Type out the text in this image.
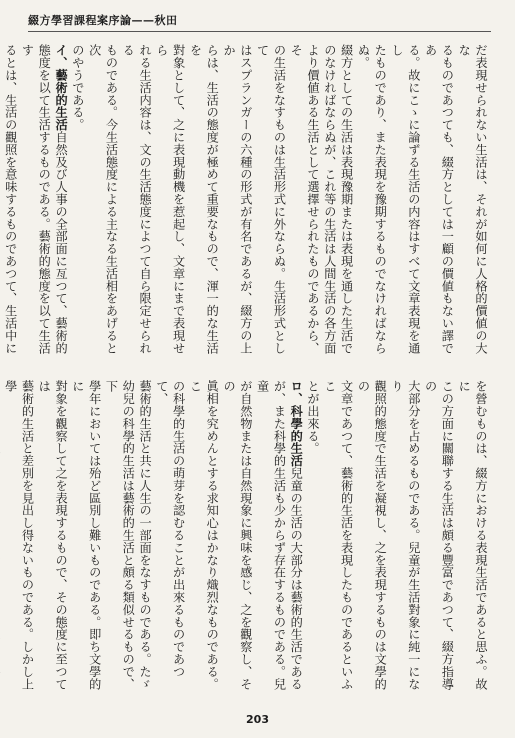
綴方學習課程案序論——秋田

だ表現せられない生活は、それが如何に人格的價値の大な

るものであつても、綴方としては一顧の價値もない譯であ

る。故にこゝに論ずる生活の内容はすべて文章表現を通し

たものであり、また表現を豫期するものでなければならぬ。

綴方としての生活は表現豫期または表現を通した生活で

のなければならぬが、これ等の生活は人間生活の各方面

より價値ある生活として選擇せられたものであるから、そ

の生活をなすものは生活形式に外ならぬ。生活形式として

はスプランガーの六種の形式が有名であるが、綴方の上か

らは、生活の態度が極めて重要なもので、渾一的な生活を

對象として、之に表現動機を惹起し、文章にまで表現せら

れる生活内容は、文の生活態度によつて自ら限定せられる

ものである。今生活態度による主なる生活相をあげると次

のやうである。

イ、藝術的生活自然及び人事の全部面に亙つて、藝術的

態度を以て生活するものである。藝術的態度を以て生活す

るとは、生活の觀照を意味するものであつて、生活中に

を營むものは、綴方における表現生活であると思ふ。故に

この方面に關聯する生活は頗る豐富であつて、綴方指導の

大部分を占めるものである。兒童が生活對象に純一になり

觀照的態度で生活を凝視し、之を表現するものは文學的の

文章であつて、藝術的生活を表現したものであるといふこ

とが出來る。

ロ、科學的生活兒童の生活の大部分は藝術的生活である

が、また科學的生活も少からず存在するものである。兒童

が自然物または自然現象に興味を感じ、之を觀察し、その

眞相を究めんとする求知心はかなり熾烈なものである。こ

の科學的生活の萌芽を認むることが出來るものであつて、

藝術的生活と共に人生の一部面をなすものである。たゞ

幼兒の科學的生活は藝術的生活と頗る類似せるもので、下

學年においては殆ど區別し難いものである。即ち文學的に

對象を觀察して之を表現するもので、その態度に至つては

藝術的生活と差別を見出し得ないものである。しかし上學

203
